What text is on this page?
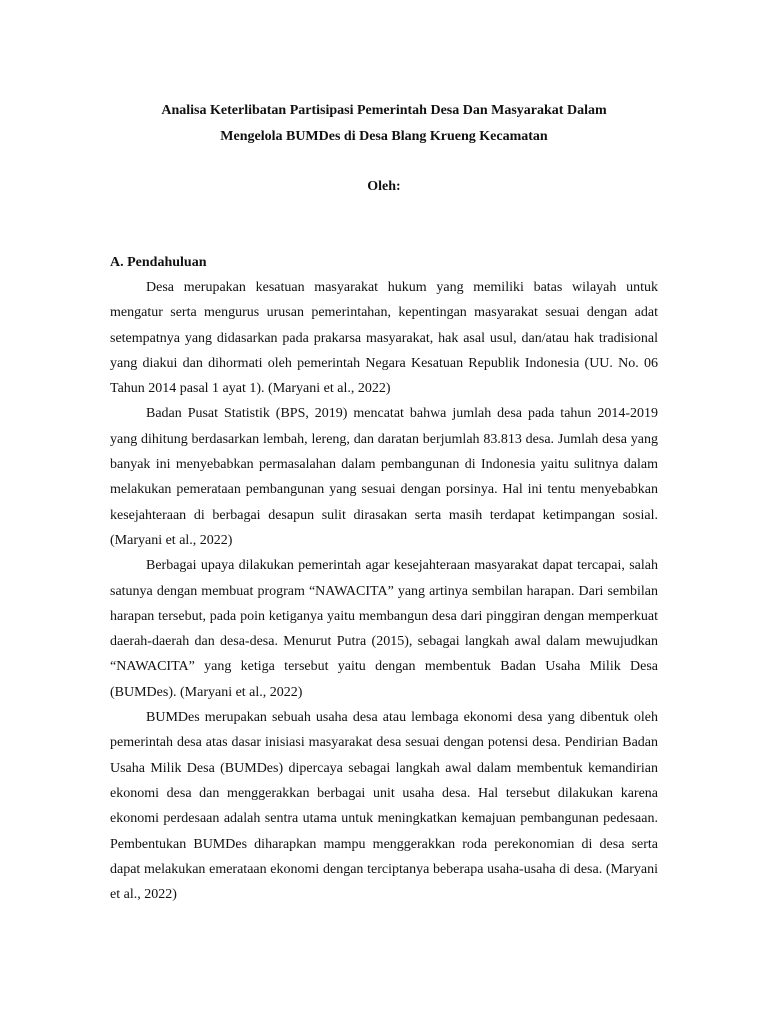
Analisa Keterlibatan Partisipasi Pemerintah Desa Dan Masyarakat Dalam
Mengelola BUMDes di Desa Blang Krueng Kecamatan
Oleh:
A. Pendahuluan

Desa merupakan kesatuan masyarakat hukum yang memiliki batas wilayah untuk mengatur serta mengurus urusan pemerintahan, kepentingan masyarakat sesuai dengan adat setempatnya yang didasarkan pada prakarsa masyarakat, hak asal usul, dan/atau hak tradisional yang diakui dan dihormati oleh pemerintah Negara Kesatuan Republik Indonesia (UU. No. 06 Tahun 2014 pasal 1 ayat 1). (Maryani et al., 2022)

Badan Pusat Statistik (BPS, 2019) mencatat bahwa jumlah desa pada tahun 2014-2019 yang dihitung berdasarkan lembah, lereng, dan daratan berjumlah 83.813 desa. Jumlah desa yang banyak ini menyebabkan permasalahan dalam pembangunan di Indonesia yaitu sulitnya dalam melakukan pemerataan pembangunan yang sesuai dengan porsinya. Hal ini tentu menyebabkan kesejahteraan di berbagai desapun sulit dirasakan serta masih terdapat ketimpangan sosial. (Maryani et al., 2022)

Berbagai upaya dilakukan pemerintah agar kesejahteraan masyarakat dapat tercapai, salah satunya dengan membuat program “NAWACITA” yang artinya sembilan harapan. Dari sembilan harapan tersebut, pada poin ketiganya yaitu membangun desa dari pinggiran dengan memperkuat daerah-daerah dan desa-desa. Menurut Putra (2015), sebagai langkah awal dalam mewujudkan “NAWACITA” yang ketiga tersebut yaitu dengan membentuk Badan Usaha Milik Desa (BUMDes). (Maryani et al., 2022)

BUMDes merupakan sebuah usaha desa atau lembaga ekonomi desa yang dibentuk oleh pemerintah desa atas dasar inisiasi masyarakat desa sesuai dengan potensi desa. Pendirian Badan Usaha Milik Desa (BUMDes) dipercaya sebagai langkah awal dalam membentuk kemandirian ekonomi desa dan menggerakkan berbagai unit usaha desa. Hal tersebut dilakukan karena ekonomi perdesaan adalah sentra utama untuk meningkatkan kemajuan pembangunan pedesaan. Pembentukan BUMDes diharapkan mampu menggerakkan roda perekonomian di desa serta dapat melakukan emerataan ekonomi dengan terciptanya beberapa usaha-usaha di desa. (Maryani et al., 2022)
